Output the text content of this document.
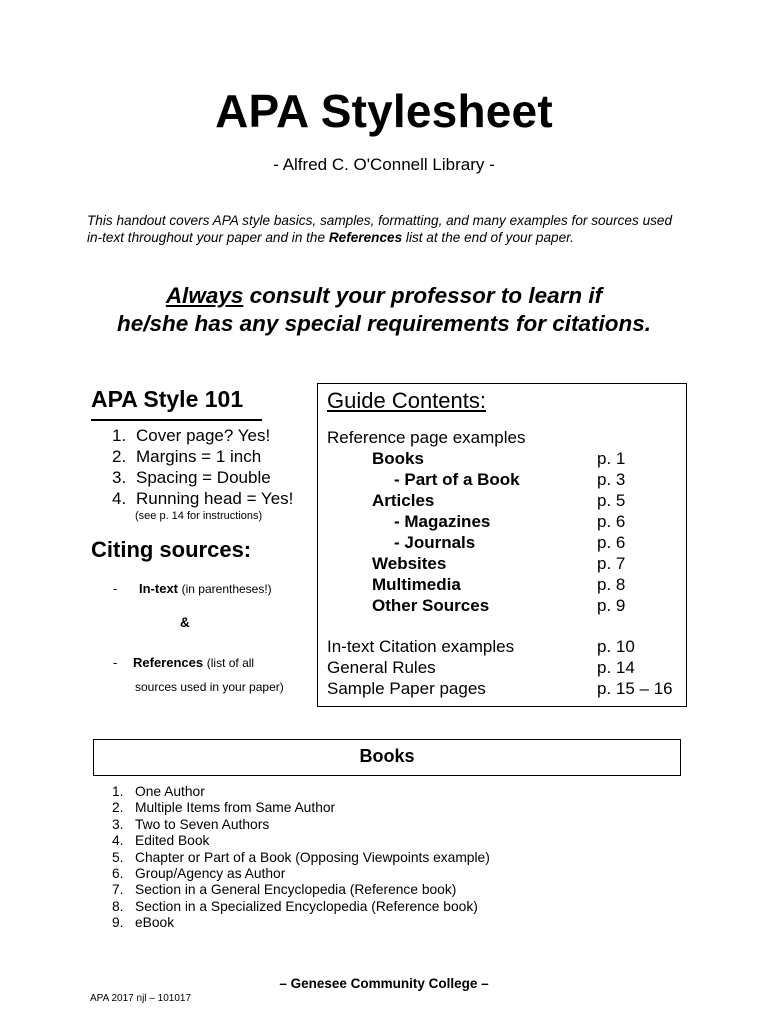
APA Stylesheet
- Alfred C. O'Connell Library -
This handout covers APA style basics, samples, formatting, and many examples for sources used in-text throughout your paper and in the References list at the end of your paper.
Always consult your professor to learn if
he/she has any special requirements for citations.
APA Style 101
1. Cover page? Yes!
2. Margins = 1 inch
3. Spacing = Double
4. Running head = Yes!
(see p. 14 for instructions)
Citing sources:
- In-text (in parentheses!)
&
- References (list of all
sources used in your paper)
Guide Contents:
Reference page examples
Books	p. 1
- Part of a Book	p. 3
Articles	p. 5
- Magazines	p. 6
- Journals	p. 6
Websites	p. 7
Multimedia	p. 8
Other Sources	p. 9
In-text Citation examples	p. 10
General Rules	p. 14
Sample Paper pages	p. 15 – 16
Books
1. One Author
2. Multiple Items from Same Author
3. Two to Seven Authors
4. Edited Book
5. Chapter or Part of a Book (Opposing Viewpoints example)
6. Group/Agency as Author
7. Section in a General Encyclopedia (Reference book)
8. Section in a Specialized Encyclopedia (Reference book)
9. eBook
– Genesee Community College –
APA 2017 njl – 101017
